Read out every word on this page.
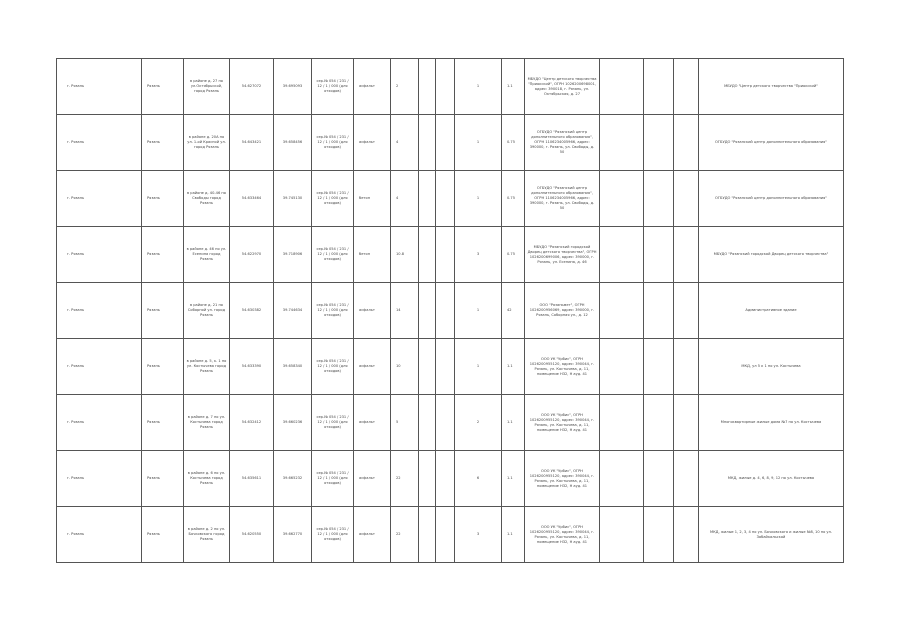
г. Рязань	Рязань	в районе д. 27 по ул.Октябрьской, город Рязань	54.627072	39.695093	сер.№ 054 / 231 / 12 / 1 / 000 (для отходов)	асфальт	2			1	1.1	МБУДО "Центр детского творчества "Приокский", ОГРН 1026200698001, адрес: 390018, г. Рязань, ул. Октябрьская, д. 27				МБУДО "Центр детского творчества "Приокский"
г. Рязань	Рязань	в районе д. 20А по ул. 1-ой Красной ул. город Рязань	54.643421	39.658456	сер.№ 054 / 231 / 12 / 1 / 000 (для отходов)	асфальт	4			1	0.75	ОГБУДО "Рязанский центр дополнительного образования", ОГРН 1106234005966, адрес: 390000, г. Рязань, ул. Свободы, д. 50				ОГБУДО "Рязанский центр дополнительного образования"
г. Рязань	Рязань	в районе д. 40-46 по Свободы город Рязань	54.633464	39.745130	сер.№ 054 / 231 / 12 / 1 / 000 (для отходов)	бетон	4			1	0.75	ОГБУДО "Рязанский центр дополнительного образования", ОГРН 1106234005966, адрес: 390000, г. Рязань, ул. Свободы, д. 50				ОГБУДО "Рязанский центр дополнительного образования"
г. Рязань	Рязань	в районе д. 46 по ул. Есенина город Рязань	54.622970	39.718906	сер.№ 054 / 231 / 12 / 1 / 000 (для отходов)	бетон	10.8			3	0.75	МБУДО "Рязанский городской Дворец детского творчества", ОГРН 1026200699006, адрес: 390000, г. Рязань, ул. Есенина, д. 46				МБУДО "Рязанский городской Дворец детского творчества"
г. Рязань	Рязань	в районе д. 21 по Соборной ул. город Рязань	54.630382	39.744634	сер.№ 054 / 231 / 12 / 1 / 000 (для отходов)	асфальт	14			1	42	ООО "Рязаньмет", ОГРН 1026200956069, адрес: 390000, г. Рязань, Соборная ул., д. 12				Административное здание
г. Рязань	Рязань	в районе д. 5, к. 1 по ул. Костычева город Рязань	54.633390	39.658340	сер.№ 054 / 231 / 12 / 1 / 000 (для отходов)	асфальт	10			1	1.1	ООО УК "Урбис", ОГРН 1026200955120, адрес: 390044, г. Рязань, ул. Костычева, д. 11, помещение Н32, Н ауд. 41				МКД, ул 5 к 1 по ул. Костычева
г. Рязань	Рязань	в районе д. 7 по ул. Костычева город Рязань	54.632412	39.660236	сер.№ 054 / 231 / 12 / 1 / 000 (для отходов)	асфальт	5			2	1.1	ООО УК "Урбис", ОГРН 1026200955120, адрес: 390044, г. Рязань, ул. Костычева, д. 11, помещение Н32, Н ауд. 41				Многоквартирные жилые дома №7 по ул. Костычева
г. Рязань	Рязань	в районе д. 6 по ул. Костычева город Рязань	54.635611	39.665232	сер.№ 054 / 231 / 12 / 1 / 000 (для отходов)	асфальт	22			6	1.1	ООО УК "Урбис", ОГРН 1026200955120, адрес: 390044, г. Рязань, ул. Костычева, д. 11, помещение Н32, Н ауд. 41				МКД, жилые д. 4, 6, 8, 9, 12 по ул. Костычева
г. Рязань	Рязань	в районе д. 2 по ул. Бочковского город Рязань	54.620550	39.662770	сер.№ 054 / 231 / 12 / 1 / 000 (для отходов)	асфальт	22			3	1.1	ООО УК "Урбис", ОГРН 1026200955120, адрес: 390044, г. Рязань, ул. Костычева, д. 11, помещение Н32, Н ауд. 41				МКД, жилые 1, 2, 3, 4 по ул. Бочковского и жилые №8, 10 по ул. Забайкальской
